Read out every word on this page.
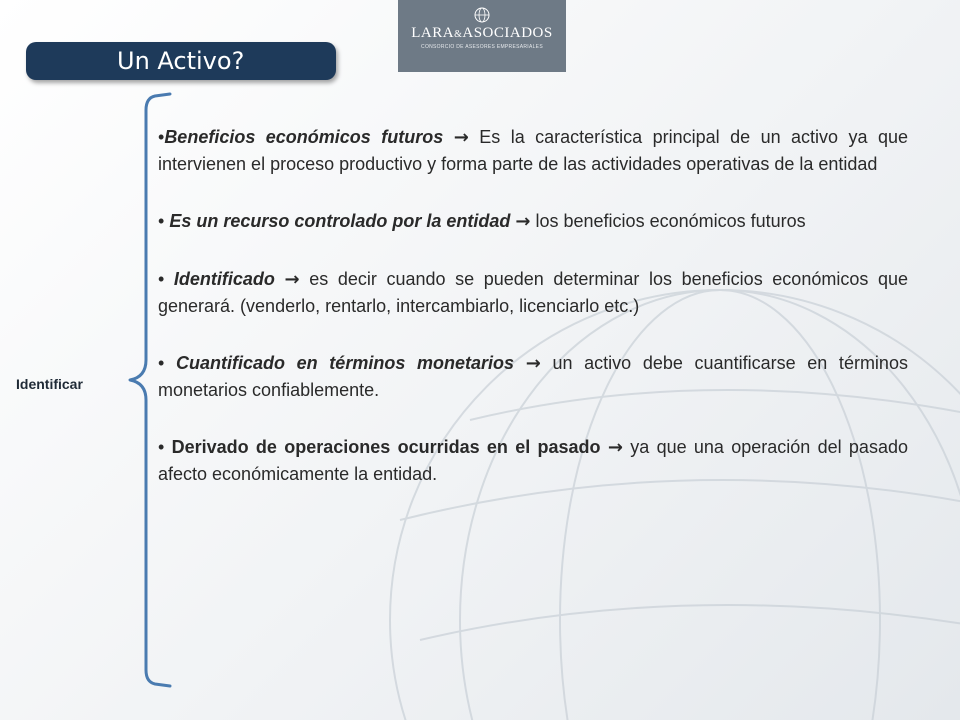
Un Activo?
LARA&ASOCIADOS
CONSORCIO DE ASESORES EMPRESARIALES
Identificar

•Beneficios económicos futuros → Es la característica principal de un activo ya que intervienen el proceso productivo y forma parte de las actividades operativas de la entidad

• Es un recurso controlado por la entidad → los beneficios económicos futuros

• Identificado → es decir cuando se pueden determinar los beneficios económicos que generará. (venderlo, rentarlo, intercambiarlo, licenciarlo etc.)

• Cuantificado en términos monetarios → un activo debe cuantificarse en términos monetarios confiablemente.

• Derivado de operaciones ocurridas en el pasado → ya que una operación del pasado afecto económicamente la entidad.
